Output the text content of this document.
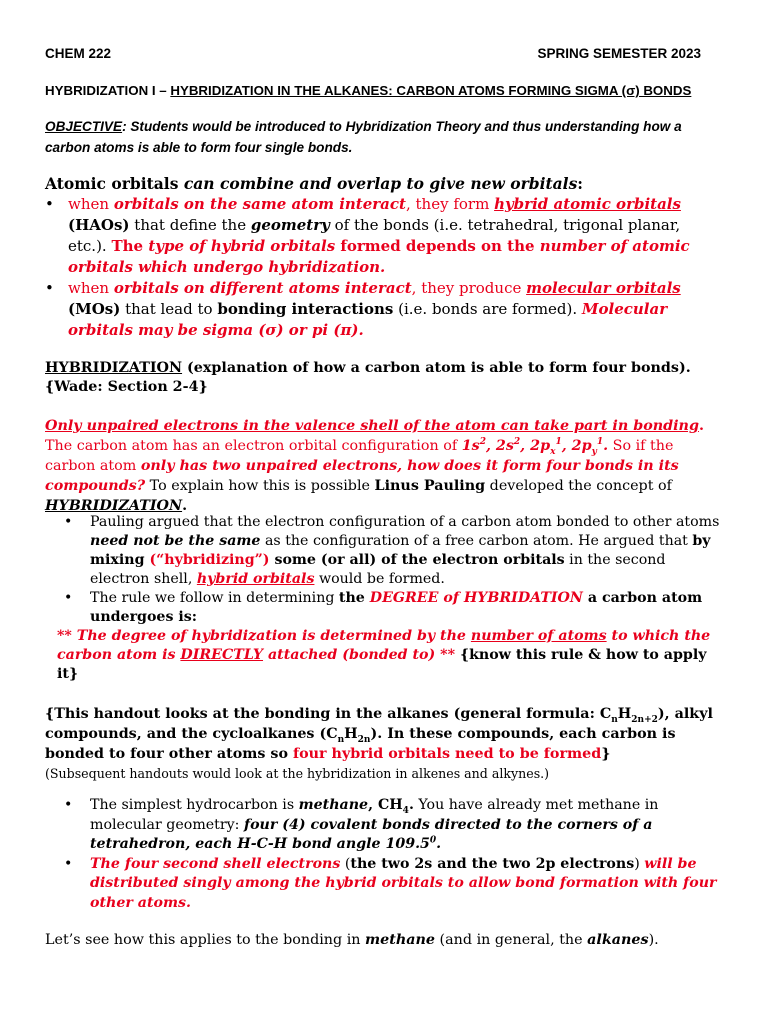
CHEM 222	SPRING SEMESTER 2023
HYBRIDIZATION I – HYBRIDIZATION IN THE ALKANES: CARBON ATOMS FORMING SIGMA (σ) BONDS
OBJECTIVE: Students would be introduced to Hybridization Theory and thus understanding how a carbon atoms is able to form four single bonds.
Atomic orbitals can combine and overlap to give new orbitals:
• when orbitals on the same atom interact, they form hybrid atomic orbitals
(HAOs) that define the geometry of the bonds (i.e. tetrahedral, trigonal planar, etc.). The type of hybrid orbitals formed depends on the number of atomic orbitals which undergo hybridization.
• when orbitals on different atoms interact, they produce molecular orbitals
(MOs) that lead to bonding interactions (i.e. bonds are formed). Molecular orbitals may be sigma (σ) or pi (π).
HYBRIDIZATION (explanation of how a carbon atom is able to form four bonds).
{Wade: Section 2-4}
Only unpaired electrons in the valence shell of the atom can take part in bonding. The carbon atom has an electron orbital configuration of $1s^2$, $2s^2$, $2p_x^1$, $2p_y^1$. So if the carbon atom only has two unpaired electrons, how does it form four bonds in its compounds? To explain how this is possible Linus Pauling developed the concept of HYBRIDIZATION.
• Pauling argued that the electron configuration of a carbon atom bonded to other atoms need not be the same as the configuration of a free carbon atom. He argued that by mixing (“hybridizing”) some (or all) of the electron orbitals in the second electron shell, hybrid orbitals would be formed.
• The rule we follow in determining the DEGREE of HYBRIDATION a carbon atom undergoes is:
** The degree of hybridization is determined by the number of atoms to which the carbon atom is DIRECTLY attached (bonded to) ** {know this rule & how to apply it}
{This handout looks at the bonding in the alkanes (general formula: $C_nH_{2n+2}$), alkyl compounds, and the cycloalkanes $(C_nH_{2n})$. In these compounds, each carbon is bonded to four other atoms so four hybrid orbitals need to be formed}
(Subsequent handouts would look at the hybridization in alkenes and alkynes.)
• The simplest hydrocarbon is methane, $CH_4$. You have already met methane in molecular geometry: four (4) covalent bonds directed to the corners of a tetrahedron, each H-C-H bond angle 109.5$^0$.
• The four second shell electrons (the two 2s and the two 2p electrons) will be distributed singly among the hybrid orbitals to allow bond formation with four other atoms.
Let’s see how this applies to the bonding in methane (and in general, the alkanes).
